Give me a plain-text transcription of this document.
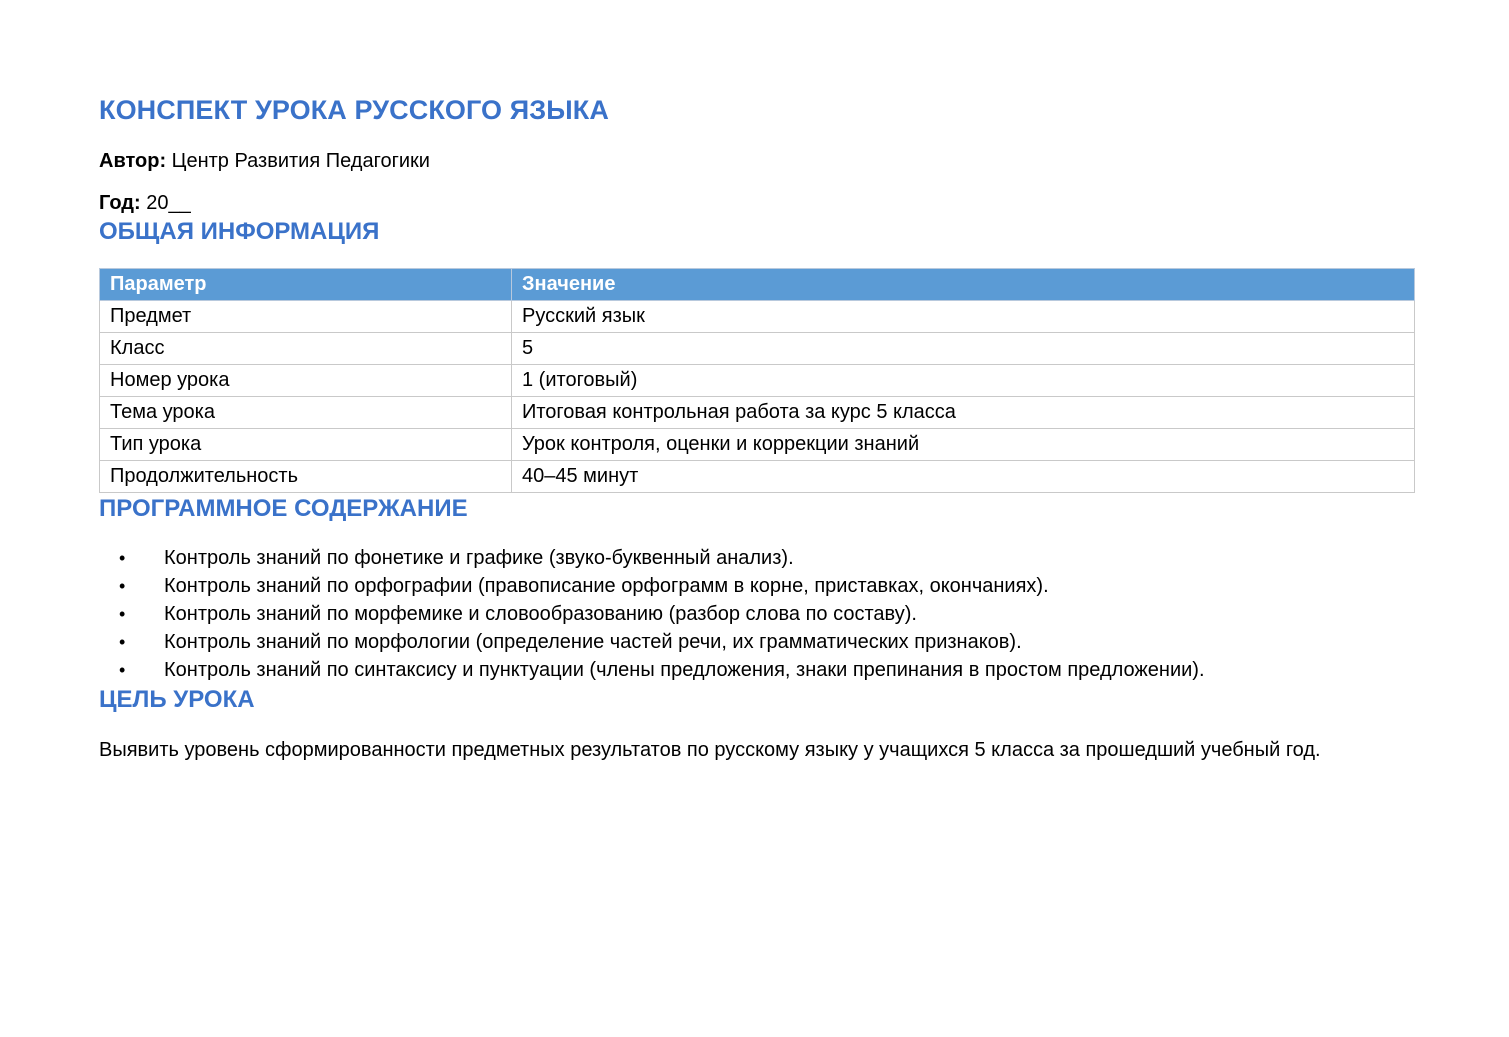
КОНСПЕКТ УРОКА РУССКОГО ЯЗЫКА

Автор: Центр Развития Педагогики

Год: 20__

ОБЩАЯ ИНФОРМАЦИЯ
Параметр	Значение
Предмет	Русский язык
Класс	5
Номер урока	1 (итоговый)
Тема урока	Итоговая контрольная работа за курс 5 класса
Тип урока	Урок контроля, оценки и коррекции знаний
Продолжительность	40–45 минут
ПРОГРАММНОЕ СОДЕРЖАНИЕ
• Контроль знаний по фонетике и графике (звуко-буквенный анализ).
• Контроль знаний по орфографии (правописание орфограмм в корне, приставках, окончаниях).
• Контроль знаний по морфемике и словообразованию (разбор слова по составу).
• Контроль знаний по морфологии (определение частей речи, их грамматических признаков).
• Контроль знаний по синтаксису и пунктуации (члены предложения, знаки препинания в простом предложении).
ЦЕЛЬ УРОКА

Выявить уровень сформированности предметных результатов по русскому языку у учащихся 5 класса за прошедший учебный год.
